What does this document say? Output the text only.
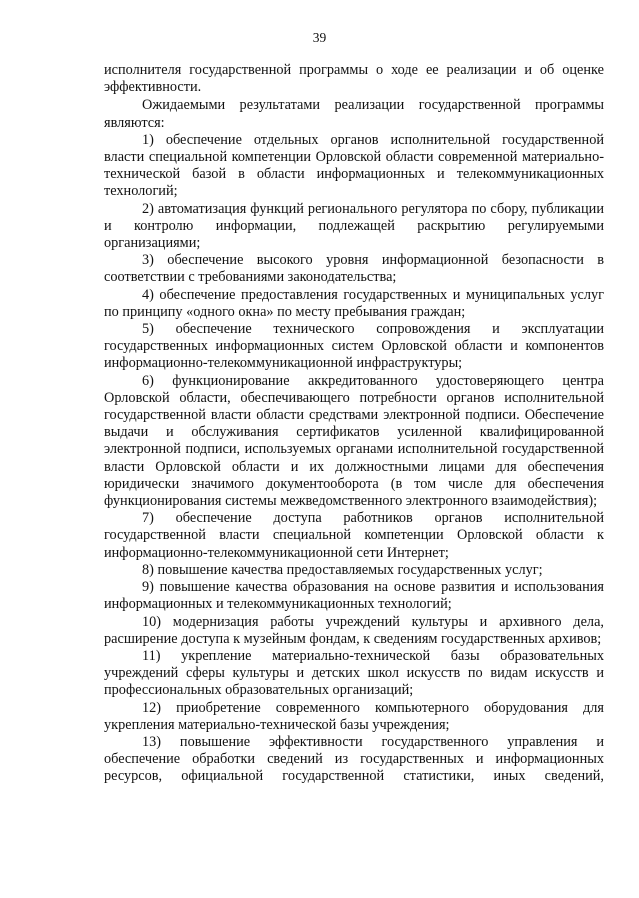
39

исполнителя государственной программы о ходе ее реализации и об оценке эффективности.

Ожидаемыми результатами реализации государственной программы являются:

1) обеспечение отдельных органов исполнительной государственной власти специальной компетенции Орловской области современной материально-технической базой в области информационных и телекоммуникационных технологий;

2) автоматизация функций регионального регулятора по сбору, публикации и контролю информации, подлежащей раскрытию регулируемыми организациями;

3) обеспечение высокого уровня информационной безопасности в соответствии с требованиями законодательства;

4) обеспечение предоставления государственных и муниципальных услуг по принципу «одного окна» по месту пребывания граждан;

5) обеспечение технического сопровождения и эксплуатации государственных информационных систем Орловской области и компонентов информационно-телекоммуникационной инфраструктуры;

6) функционирование аккредитованного удостоверяющего центра Орловской области, обеспечивающего потребности органов исполнительной государственной власти области средствами электронной подписи. Обеспечение выдачи и обслуживания сертификатов усиленной квалифицированной электронной подписи, используемых органами исполнительной государственной власти Орловской области и их должностными лицами для обеспечения юридически значимого документооборота (в том числе для обеспечения функционирования системы межведомственного электронного взаимодействия);

7) обеспечение доступа работников органов исполнительной государственной власти специальной компетенции Орловской области к информационно-телекоммуникационной сети Интернет;

8) повышение качества предоставляемых государственных услуг;

9) повышение качества образования на основе развития и использования информационных и телекоммуникационных технологий;

10) модернизация работы учреждений культуры и архивного дела, расширение доступа к музейным фондам, к сведениям государственных архивов;

11) укрепление материально-технической базы образовательных учреждений сферы культуры и детских школ искусств по видам искусств и профессиональных образовательных организаций;

12) приобретение современного компьютерного оборудования для укрепления материально-технической базы учреждения;

13) повышение эффективности государственного управления и обеспечение обработки сведений из государственных и информационных ресурсов, официальной государственной статистики, иных сведений,
